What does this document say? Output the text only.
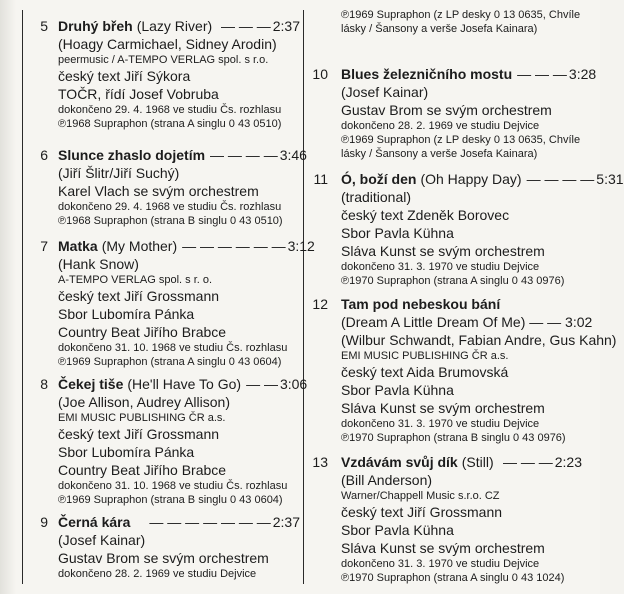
5 Druhý břeh (Lazy River) — — — 2:37
(Hoagy Carmichael, Sidney Arodin)
peermusic / A-TEMPO VERLAG spol. s r.o.
český text Jiří Sýkora
TOČR, řídí Josef Vobruba
dokončeno 29. 4. 1968 ve studiu Čs. rozhlasu
℗1968 Supraphon (strana A singlu 0 43 0510)
6 Slunce zhaslo dojetím — — — — 3:46
(Jiří Šlitr/Jiří Suchý)
Karel Vlach se svým orchestrem
dokončeno 29. 4. 1968 ve studiu Čs. rozhlasu
℗1968 Supraphon (strana B singlu 0 43 0510)
7 Matka (My Mother) — — — — — — 3:12
(Hank Snow)
A-TEMPO VERLAG spol. s r. o.
český text Jiří Grossmann
Sbor Lubomíra Pánka
Country Beat Jiřího Brabce
dokončeno 31. 10. 1968 ve studiu Čs. rozhlasu
℗1969 Supraphon (strana A singlu 0 43 0604)
8 Čekej tiše (He'll Have To Go) — — 3:06
(Joe Allison, Audrey Allison)
EMI MUSIC PUBLISHING ČR a.s.
český text Jiří Grossmann
Sbor Lubomíra Pánka
Country Beat Jiřího Brabce
dokončeno 31. 10. 1968 ve studiu Čs. rozhlasu
℗1969 Supraphon (strana B singlu 0 43 0604)
9 Černá kára — — — — — — — 2:37
(Josef Kainar)
Gustav Brom se svým orchestrem
dokončeno 28. 2. 1969 ve studiu Dejvice
℗1969 Supraphon (z LP desky 0 13 0635, Chvíle
lásky / Šansony a verše Josefa Kainara)
10 Blues železničního mostu — — — 3:28
(Josef Kainar)
Gustav Brom se svým orchestrem
dokončeno 28. 2. 1969 ve studiu Dejvice
℗1969 Supraphon (z LP desky 0 13 0635, Chvíle
lásky / Šansony a verše Josefa Kainara)
11 Ó, boží den (Oh Happy Day) — — — — 5:31
(traditional)
český text Zdeněk Borovec
Sbor Pavla Kühna
Sláva Kunst se svým orchestrem
dokončeno 31. 3. 1970 ve studiu Dejvice
℗1970 Supraphon (strana A singlu 0 43 0976)
12 Tam pod nebeskou bání
(Dream A Little Dream Of Me) — — 3:02
(Wilbur Schwandt, Fabian Andre, Gus Kahn)
EMI MUSIC PUBLISHING ČR a.s.
český text Aida Brumovská
Sbor Pavla Kühna
Sláva Kunst se svým orchestrem
dokončeno 31. 3. 1970 ve studiu Dejvice
℗1970 Supraphon (strana B singlu 0 43 0976)
13 Vzdávám svůj dík (Still) — — — 2:23
(Bill Anderson)
Warner/Chappell Music s.r.o. CZ
český text Jiří Grossmann
Sbor Pavla Kühna
Sláva Kunst se svým orchestrem
dokončeno 31. 3. 1970 ve studiu Dejvice
℗1970 Supraphon (strana A singlu 0 43 1024)
